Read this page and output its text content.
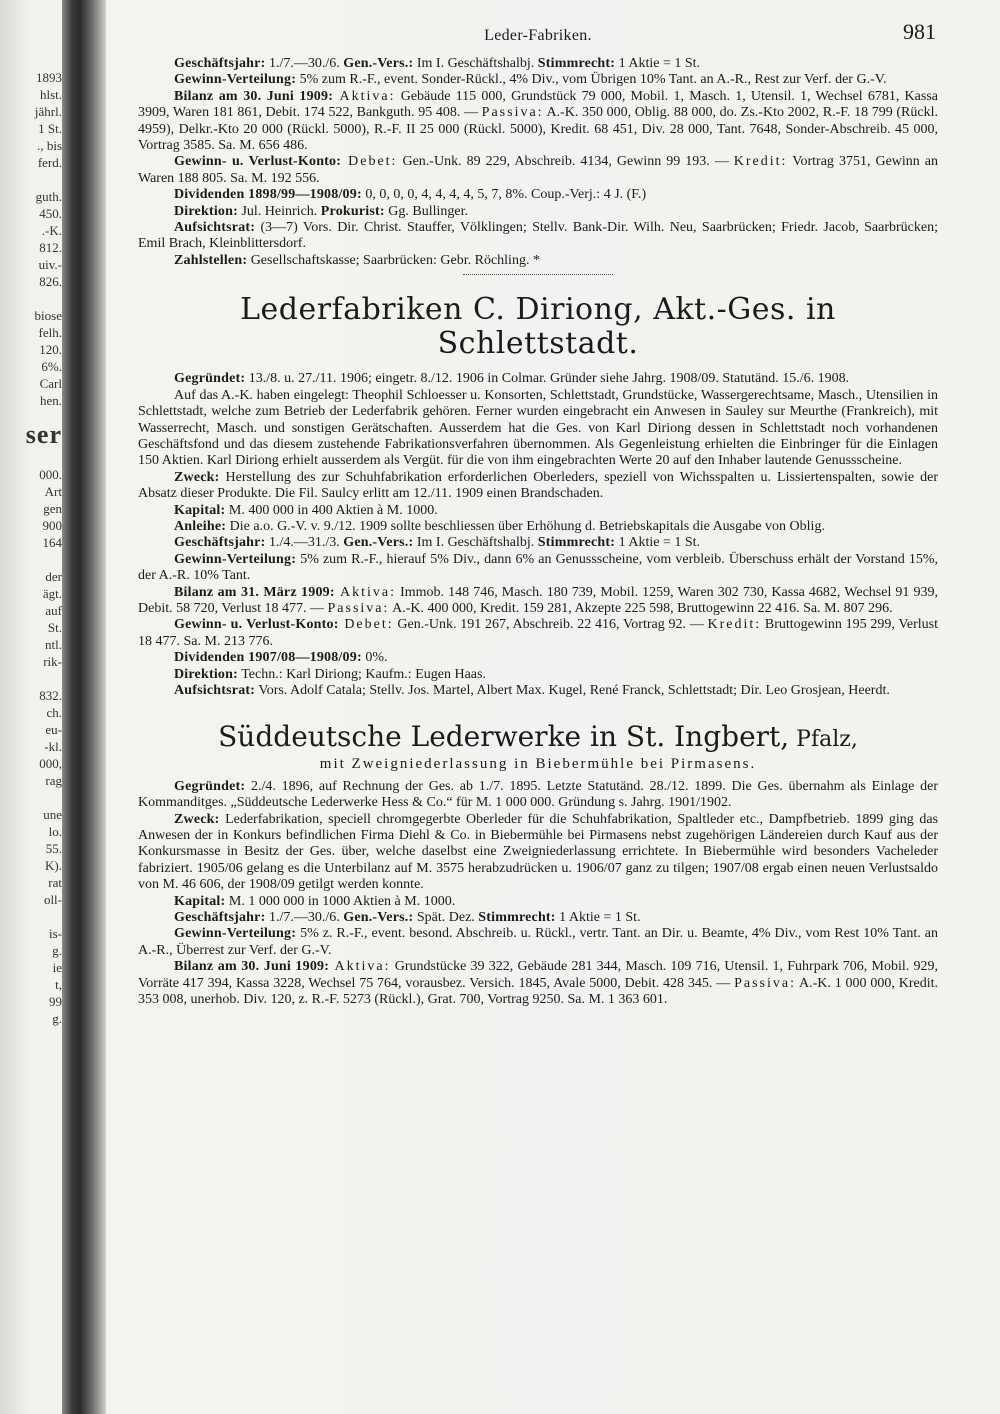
1893
hlst.
jährl.
1 St.
., bis
ferd.
guth.
450.
.-K.
812.
uiv.-
826.
biose
felh.
120.
6%.
Carl
hen.
ser
000.
Art
gen
900
164
der
ägt.
auf
St.
ntl.
rik-
832.
ch.
eu-
-kl.
000,
rag
une
lo.
55.
K).
rat
oll-
is-
g.
ie
t,
99
g.
Leder-Fabriken.	981

Geschäftsjahr: 1./7.—30./6. Gen.-Vers.: Im I. Geschäftshalbj. Stimmrecht: 1 Aktie = 1 St.

Gewinn-Verteilung: 5% zum R.-F., event. Sonder-Rückl., 4% Div., vom Übrigen 10% Tant. an A.-R., Rest zur Verf. der G.-V.

Bilanz am 30. Juni 1909: Aktiva: Gebäude 115 000, Grundstück 79 000, Mobil. 1, Masch. 1, Utensil. 1, Wechsel 6781, Kassa 3909, Waren 181 861, Debit. 174 522, Bankguth. 95 408. — Passiva: A.-K. 350 000, Oblig. 88 000, do. Zs.-Kto 2002, R.-F. 18 799 (Rückl. 4959), Delkr.-Kto 20 000 (Rückl. 5000), R.-F. II 25 000 (Rückl. 5000), Kredit. 68 451, Div. 28 000, Tant. 7648, Sonder-Abschreib. 45 000, Vortrag 3585. Sa. M. 656 486.

Gewinn- u. Verlust-Konto: Debet: Gen.-Unk. 89 229, Abschreib. 4134, Gewinn 99 193. — Kredit: Vortrag 3751, Gewinn an Waren 188 805. Sa. M. 192 556.

Dividenden 1898/99—1908/09: 0, 0, 0, 0, 4, 4, 4, 4, 5, 7, 8%. Coup.-Verj.: 4 J. (F.)

Direktion: Jul. Heinrich. Prokurist: Gg. Bullinger.

Aufsichtsrat: (3—7) Vors. Dir. Christ. Stauffer, Völklingen; Stellv. Bank-Dir. Wilh. Neu, Saarbrücken; Friedr. Jacob, Saarbrücken; Emil Brach, Kleinblittersdorf.

Zahlstellen: Gesellschaftskasse; Saarbrücken: Gebr. Röchling. *

Lederfabriken C. Diriong, Akt.-Ges. in Schlettstadt.

Gegründet: 13./8. u. 27./11. 1906; eingetr. 8./12. 1906 in Colmar. Gründer siehe Jahrg. 1908/09. Statutänd. 15./6. 1908.

Auf das A.-K. haben eingelegt: Theophil Schloesser u. Konsorten, Schlettstadt, Grundstücke, Wassergerechtsame, Masch., Utensilien in Schlettstadt, welche zum Betrieb der Lederfabrik gehören. Ferner wurden eingebracht ein Anwesen in Sauley sur Meurthe (Frankreich), mit Wasserrecht, Masch. und sonstigen Gerätschaften. Ausserdem hat die Ges. von Karl Diriong dessen in Schlettstadt noch vorhandenen Geschäftsfond und das diesem zustehende Fabrikationsverfahren übernommen. Als Gegenleistung erhielten die Einbringer für die Einlagen 150 Aktien. Karl Diriong erhielt ausserdem als Vergüt. für die von ihm eingebrachten Werte 20 auf den Inhaber lautende Genussscheine.

Zweck: Herstellung des zur Schuhfabrikation erforderlichen Oberleders, speziell von Wichsspalten u. Lissiertenspalten, sowie der Absatz dieser Produkte. Die Fil. Saulcy erlitt am 12./11. 1909 einen Brandschaden.

Kapital: M. 400 000 in 400 Aktien à M. 1000.

Anleihe: Die a.o. G.-V. v. 9./12. 1909 sollte beschliessen über Erhöhung d. Betriebskapitals die Ausgabe von Oblig.

Geschäftsjahr: 1./4.—31./3. Gen.-Vers.: Im I. Geschäftshalbj. Stimmrecht: 1 Aktie = 1 St.

Gewinn-Verteilung: 5% zum R.-F., hierauf 5% Div., dann 6% an Genussscheine, vom verbleib. Überschuss erhält der Vorstand 15%, der A.-R. 10% Tant.

Bilanz am 31. März 1909: Aktiva: Immob. 148 746, Masch. 180 739, Mobil. 1259, Waren 302 730, Kassa 4682, Wechsel 91 939, Debit. 58 720, Verlust 18 477. — Passiva: A.-K. 400 000, Kredit. 159 281, Akzepte 225 598, Bruttogewinn 22 416. Sa. M. 807 296.

Gewinn- u. Verlust-Konto: Debet: Gen.-Unk. 191 267, Abschreib. 22 416, Vortrag 92. — Kredit: Bruttogewinn 195 299, Verlust 18 477. Sa. M. 213 776.

Dividenden 1907/08—1908/09: 0%.

Direktion: Techn.: Karl Diriong; Kaufm.: Eugen Haas.

Aufsichtsrat: Vors. Adolf Catala; Stellv. Jos. Martel, Albert Max. Kugel, René Franck, Schlettstadt; Dir. Leo Grosjean, Heerdt.

Süddeutsche Lederwerke in St. Ingbert, Pfalz,
mit Zweigniederlassung in Biebermühle bei Pirmasens.

Gegründet: 2./4. 1896, auf Rechnung der Ges. ab 1./7. 1895. Letzte Statutänd. 28./12. 1899. Die Ges. übernahm als Einlage der Kommanditges. „Süddeutsche Lederwerke Hess & Co.“ für M. 1 000 000. Gründung s. Jahrg. 1901/1902.

Zweck: Lederfabrikation, speciell chromgegerbte Oberleder für die Schuhfabrikation, Spaltleder etc., Dampfbetrieb. 1899 ging das Anwesen der in Konkurs befindlichen Firma Diehl & Co. in Biebermühle bei Pirmasens nebst zugehörigen Ländereien durch Kauf aus der Konkursmasse in Besitz der Ges. über, welche daselbst eine Zweigniederlassung errichtete. In Biebermühle wird besonders Vacheleder fabriziert. 1905/06 gelang es die Unterbilanz auf M. 3575 herabzudrücken u. 1906/07 ganz zu tilgen; 1907/08 ergab einen neuen Verlustsaldo von M. 46 606, der 1908/09 getilgt werden konnte.

Kapital: M. 1 000 000 in 1000 Aktien à M. 1000.

Geschäftsjahr: 1./7.—30./6. Gen.-Vers.: Spät. Dez. Stimmrecht: 1 Aktie = 1 St.

Gewinn-Verteilung: 5% z. R.-F., event. besond. Abschreib. u. Rückl., vertr. Tant. an Dir. u. Beamte, 4% Div., vom Rest 10% Tant. an A.-R., Überrest zur Verf. der G.-V.

Bilanz am 30. Juni 1909: Aktiva: Grundstücke 39 322, Gebäude 281 344, Masch. 109 716, Utensil. 1, Fuhrpark 706, Mobil. 929, Vorräte 417 394, Kassa 3228, Wechsel 75 764, vorausbez. Versich. 1845, Avale 5000, Debit. 428 345. — Passiva: A.-K. 1 000 000, Kredit. 353 008, unerhob. Div. 120, z. R.-F. 5273 (Rückl.), Grat. 700, Vortrag 9250. Sa. M. 1 363 601.
